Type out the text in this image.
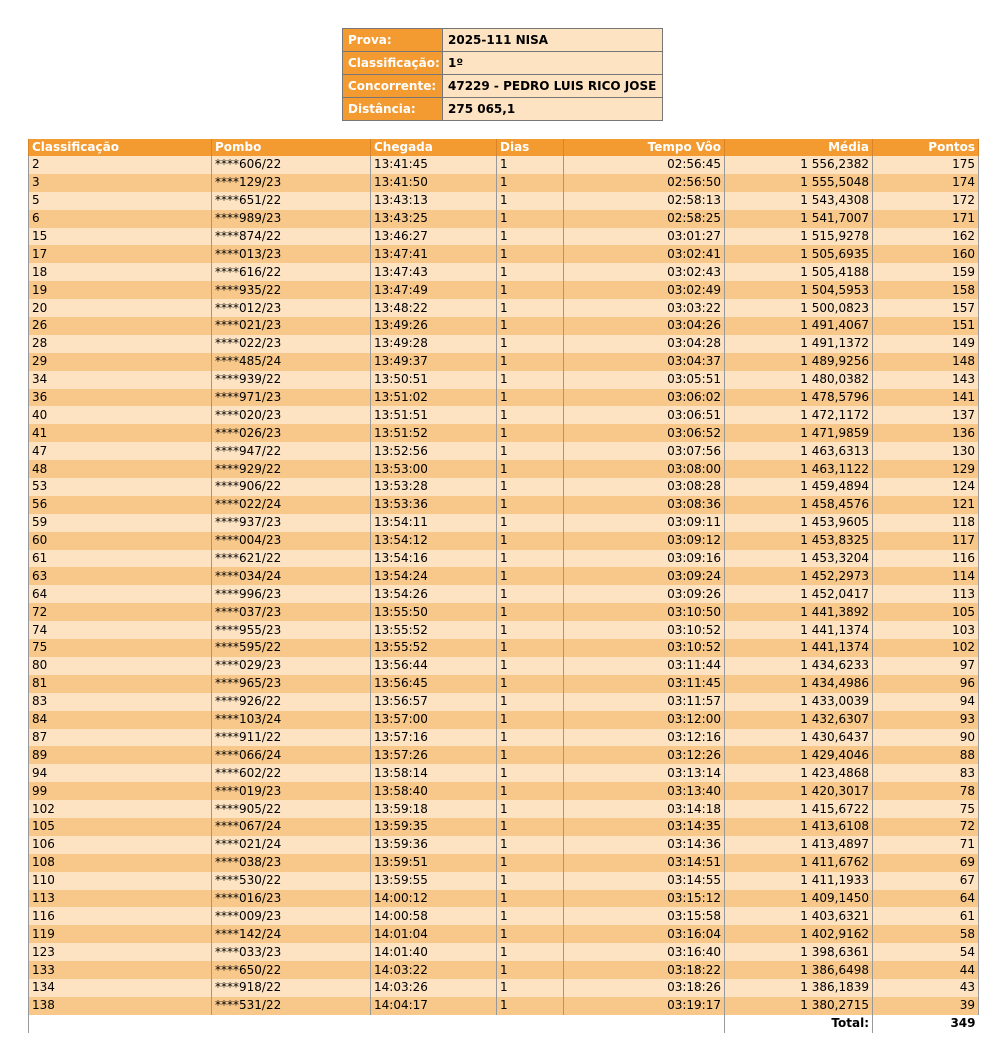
Prova:	2025-111 NISA
Classificação:	1º
Concorrente:	47229 - PEDRO LUIS RICO JOSE
Distância:	275 065,1
Classificação	Pombo	Chegada	Dias	Tempo Vôo	Média	Pontos
2	****606/22	13:41:45	1	02:56:45	1 556,2382	175
3	****129/23	13:41:50	1	02:56:50	1 555,5048	174
5	****651/22	13:43:13	1	02:58:13	1 543,4308	172
6	****989/23	13:43:25	1	02:58:25	1 541,7007	171
15	****874/22	13:46:27	1	03:01:27	1 515,9278	162
17	****013/23	13:47:41	1	03:02:41	1 505,6935	160
18	****616/22	13:47:43	1	03:02:43	1 505,4188	159
19	****935/22	13:47:49	1	03:02:49	1 504,5953	158
20	****012/23	13:48:22	1	03:03:22	1 500,0823	157
26	****021/23	13:49:26	1	03:04:26	1 491,4067	151
28	****022/23	13:49:28	1	03:04:28	1 491,1372	149
29	****485/24	13:49:37	1	03:04:37	1 489,9256	148
34	****939/22	13:50:51	1	03:05:51	1 480,0382	143
36	****971/23	13:51:02	1	03:06:02	1 478,5796	141
40	****020/23	13:51:51	1	03:06:51	1 472,1172	137
41	****026/23	13:51:52	1	03:06:52	1 471,9859	136
47	****947/22	13:52:56	1	03:07:56	1 463,6313	130
48	****929/22	13:53:00	1	03:08:00	1 463,1122	129
53	****906/22	13:53:28	1	03:08:28	1 459,4894	124
56	****022/24	13:53:36	1	03:08:36	1 458,4576	121
59	****937/23	13:54:11	1	03:09:11	1 453,9605	118
60	****004/23	13:54:12	1	03:09:12	1 453,8325	117
61	****621/22	13:54:16	1	03:09:16	1 453,3204	116
63	****034/24	13:54:24	1	03:09:24	1 452,2973	114
64	****996/23	13:54:26	1	03:09:26	1 452,0417	113
72	****037/23	13:55:50	1	03:10:50	1 441,3892	105
74	****955/23	13:55:52	1	03:10:52	1 441,1374	103
75	****595/22	13:55:52	1	03:10:52	1 441,1374	102
80	****029/23	13:56:44	1	03:11:44	1 434,6233	97
81	****965/23	13:56:45	1	03:11:45	1 434,4986	96
83	****926/22	13:56:57	1	03:11:57	1 433,0039	94
84	****103/24	13:57:00	1	03:12:00	1 432,6307	93
87	****911/22	13:57:16	1	03:12:16	1 430,6437	90
89	****066/24	13:57:26	1	03:12:26	1 429,4046	88
94	****602/22	13:58:14	1	03:13:14	1 423,4868	83
99	****019/23	13:58:40	1	03:13:40	1 420,3017	78
102	****905/22	13:59:18	1	03:14:18	1 415,6722	75
105	****067/24	13:59:35	1	03:14:35	1 413,6108	72
106	****021/24	13:59:36	1	03:14:36	1 413,4897	71
108	****038/23	13:59:51	1	03:14:51	1 411,6762	69
110	****530/22	13:59:55	1	03:14:55	1 411,1933	67
113	****016/23	14:00:12	1	03:15:12	1 409,1450	64
116	****009/23	14:00:58	1	03:15:58	1 403,6321	61
119	****142/24	14:01:04	1	03:16:04	1 402,9162	58
123	****033/23	14:01:40	1	03:16:40	1 398,6361	54
133	****650/22	14:03:22	1	03:18:22	1 386,6498	44
134	****918/22	14:03:26	1	03:18:26	1 386,1839	43
138	****531/22	14:04:17	1	03:19:17	1 380,2715	39
					Total:	349
